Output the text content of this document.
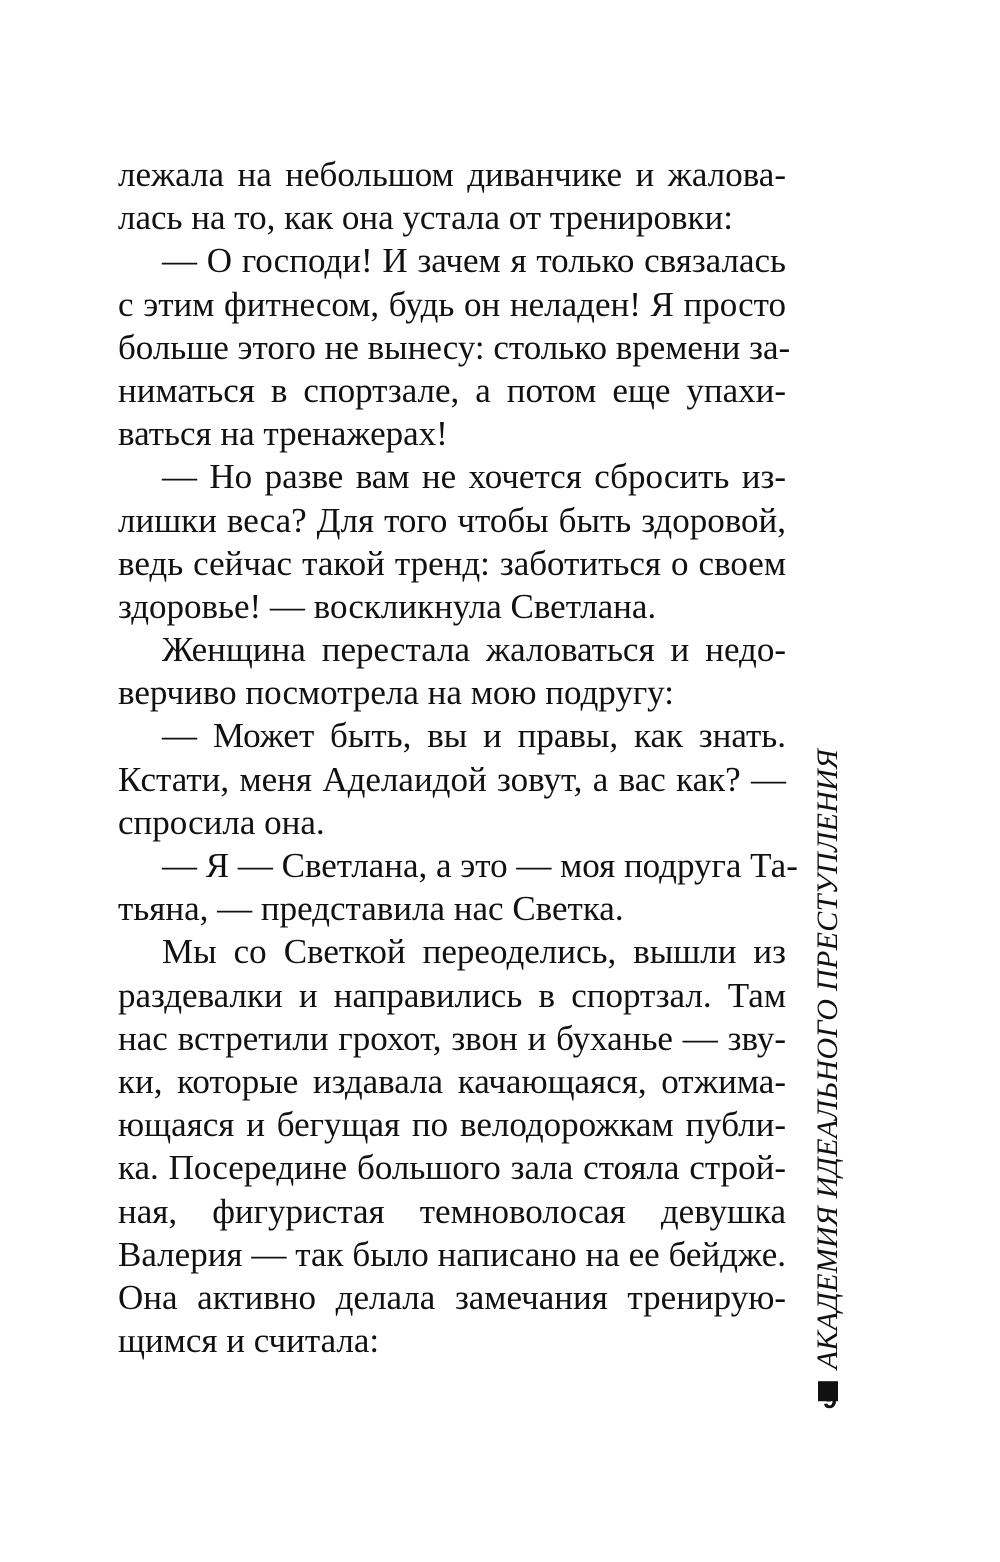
лежала на небольшом диванчике и жалова-
лась на то, как она устала от тренировки:
— О господи! И зачем я только связалась
с этим фитнесом, будь он неладен! Я просто
больше этого не вынесу: столько времени за-
ниматься в спортзале, а потом еще упахи-
ваться на тренажерах!
— Но разве вам не хочется сбросить из-
лишки веса? Для того чтобы быть здоровой,
ведь сейчас такой тренд: заботиться о своем
здоровье! — воскликнула Светлана.
Женщина перестала жаловаться и недо-
верчиво посмотрела на мою подругу:
— Может быть, вы и правы, как знать.
Кстати, меня Аделаидой зовут, а вас как? —
спросила она.
— Я — Светлана, а это — моя подруга Та-
тьяна, — представила нас Светка.
Мы со Светкой переоделись, вышли из
раздевалки и направились в спортзал. Там
нас встретили грохот, звон и буханье — зву-
ки, которые издавала качающаяся, отжима-
ющаяся и бегущая по велодорожкам публи-
ка. Посередине большого зала стояла строй-
ная, фигуристая темноволосая девушка
Валерия — так было написано на ее бейдже.
Она активно делала замечания тренирую-
щимся и считала:	АКАДЕМИЯ ИДЕАЛЬНОГО ПРЕСТУПЛЕНИЯ
9
